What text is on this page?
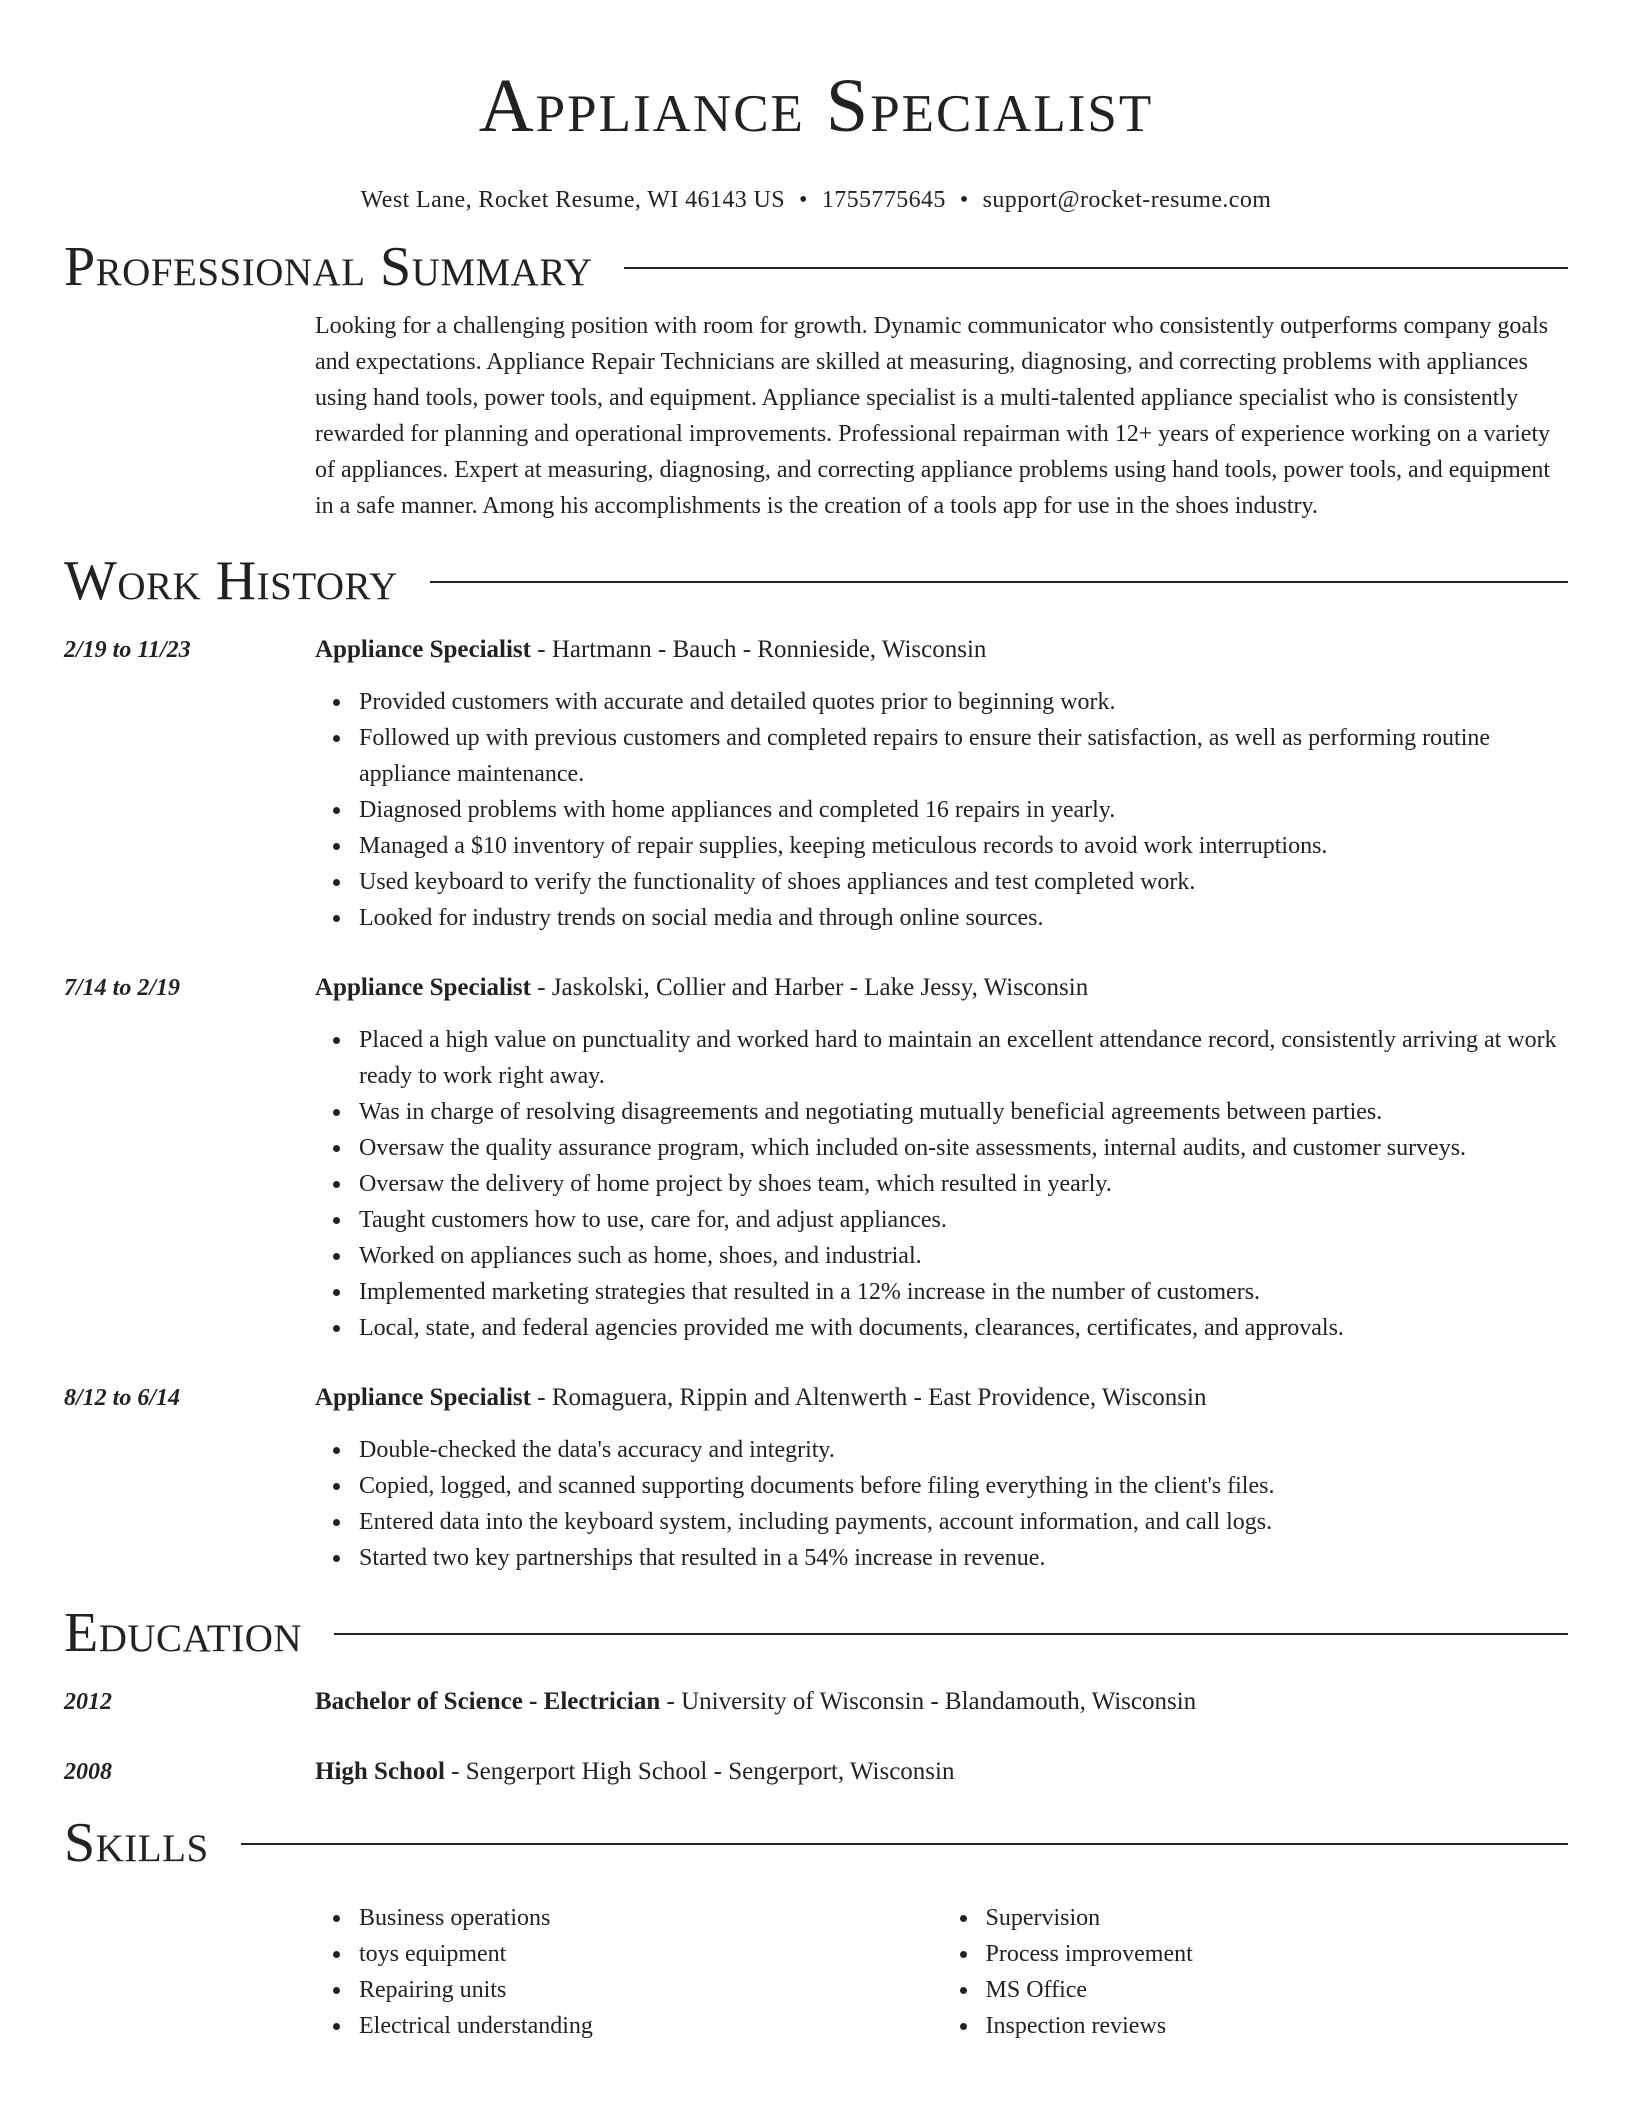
Appliance Specialist
West Lane, Rocket Resume, WI 46143 US • 1755775645 • support@rocket-resume.com
Professional Summary
Looking for a challenging position with room for growth. Dynamic communicator who consistently outperforms company goals and expectations. Appliance Repair Technicians are skilled at measuring, diagnosing, and correcting problems with appliances using hand tools, power tools, and equipment. Appliance specialist is a multi-talented appliance specialist who is consistently rewarded for planning and operational improvements. Professional repairman with 12+ years of experience working on a variety of appliances. Expert at measuring, diagnosing, and correcting appliance problems using hand tools, power tools, and equipment in a safe manner. Among his accomplishments is the creation of a tools app for use in the shoes industry.
Work History
2/19 to 11/23	Appliance Specialist - Hartmann - Bauch - Ronnieside, Wisconsin
Provided customers with accurate and detailed quotes prior to beginning work.
Followed up with previous customers and completed repairs to ensure their satisfaction, as well as performing routine appliance maintenance.
Diagnosed problems with home appliances and completed 16 repairs in yearly.
Managed a $10 inventory of repair supplies, keeping meticulous records to avoid work interruptions.
Used keyboard to verify the functionality of shoes appliances and test completed work.
Looked for industry trends on social media and through online sources.
7/14 to 2/19	Appliance Specialist - Jaskolski, Collier and Harber - Lake Jessy, Wisconsin
Placed a high value on punctuality and worked hard to maintain an excellent attendance record, consistently arriving at work ready to work right away.
Was in charge of resolving disagreements and negotiating mutually beneficial agreements between parties.
Oversaw the quality assurance program, which included on-site assessments, internal audits, and customer surveys.
Oversaw the delivery of home project by shoes team, which resulted in yearly.
Taught customers how to use, care for, and adjust appliances.
Worked on appliances such as home, shoes, and industrial.
Implemented marketing strategies that resulted in a 12% increase in the number of customers.
Local, state, and federal agencies provided me with documents, clearances, certificates, and approvals.
8/12 to 6/14	Appliance Specialist - Romaguera, Rippin and Altenwerth - East Providence, Wisconsin
Double-checked the data's accuracy and integrity.
Copied, logged, and scanned supporting documents before filing everything in the client's files.
Entered data into the keyboard system, including payments, account information, and call logs.
Started two key partnerships that resulted in a 54% increase in revenue.
Education
2012	Bachelor of Science - Electrician - University of Wisconsin - Blandamouth, Wisconsin
2008	High School - Sengerport High School - Sengerport, Wisconsin
Skills
Business operations
toys equipment
Repairing units
Electrical understanding
Supervision
Process improvement
MS Office
Inspection reviews
